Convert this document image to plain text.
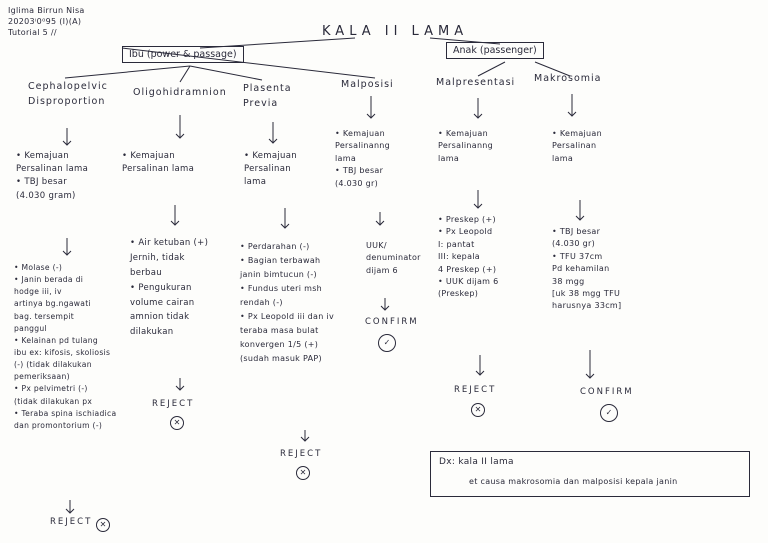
Iglima Birrun Nisa
20203ⁱ0⁰95 (I)(A)
Tutorial 5 //	KALA II LAMA
Ibu (power & passage)	Anak (passenger)
Cephalopelvic
Disproportion
• Kemajuan
Persalinan lama
• TBJ besar
(4.030 gram)
• Molase (-)
• Janin berada di
hodge iii, iv
artinya bg.ngawati
bag. tersempit
panggul
• Kelainan pd tulang
ibu ex: kifosis, skoliosis
(-) (tidak dilakukan
pemeriksaan)
• Px pelvimetri (-)
(tidak dilakukan px
• Teraba spina ischiadica
dan promontorium (-)
REJECT ✕
Oligohidramnion
• Kemajuan
Persalinan lama
• Air ketuban (+)
Jernih, tidak
berbau
• Pengukuran
volume cairan
amnion tidak
dilakukan
REJECT
✕
Plasenta
Previa
• Kemajuan
Persalinan
lama
• Perdarahan (-)
• Bagian terbawah
janin bimtucun (-)
• Fundus uteri msh
rendah (-)
• Px Leopold iii dan iv
teraba masa bulat
konvergen 1/5 (+)
(sudah masuk PAP)
REJECT
✕
Malposisi
• Kemajuan
Persalinanng
lama
• TBJ besar
(4.030 gr)
UUK/
denuminator
dijam 6
CONFIRM
✓
Malpresentasi
• Kemajuan
Persalinanng
lama
• Preskep (+)
• Px Leopold
I: pantat
III: kepala
4 Preskep (+)
• UUK dijam 6
(Preskep)
REJECT
✕
Makrosomia
• Kemajuan
Persalinan
lama
• TBJ besar
(4.030 gr)
• TFU 37cm
Pd kehamilan
38 mgg
[uk 38 mgg TFU
harusnya 33cm]
CONFIRM
✓
Dx: kala II lama
et causa makrosomia dan malposisi kepala janin
